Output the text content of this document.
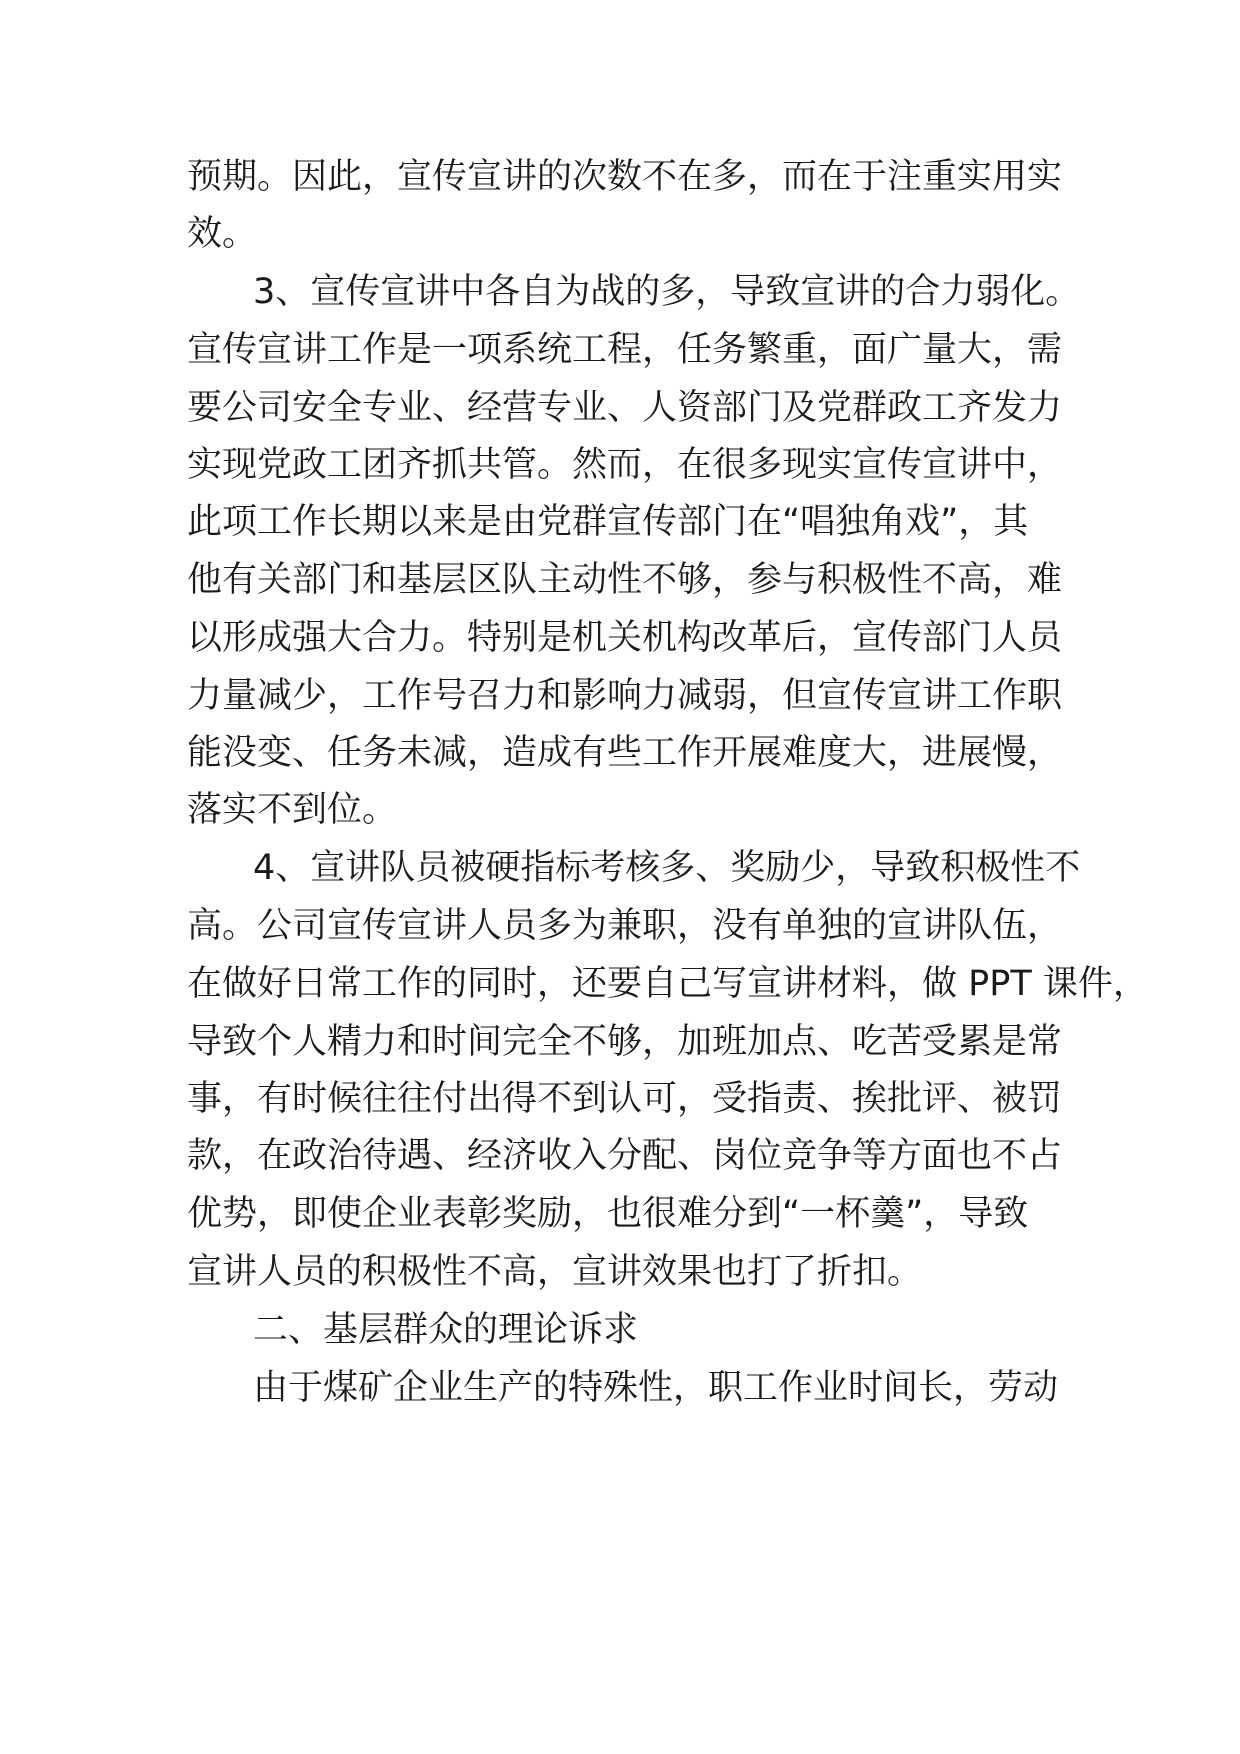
预期。因此，宣传宣讲的次数不在多，而在于注重实用实
效。
3、宣传宣讲中各自为战的多，导致宣讲的合力弱化。
宣传宣讲工作是一项系统工程，任务繁重，面广量大，需
要公司安全专业、经营专业、人资部门及党群政工齐发力
实现党政工团齐抓共管。然而，在很多现实宣传宣讲中，
此项工作长期以来是由党群宣传部门在“唱独角戏”，其
他有关部门和基层区队主动性不够，参与积极性不高，难
以形成强大合力。特别是机关机构改革后，宣传部门人员
力量减少，工作号召力和影响力减弱，但宣传宣讲工作职
能没变、任务未减，造成有些工作开展难度大，进展慢，
落实不到位。
4、宣讲队员被硬指标考核多、奖励少，导致积极性不
高。公司宣传宣讲人员多为兼职，没有单独的宣讲队伍，
在做好日常工作的同时，还要自己写宣讲材料，做 PPT 课件，
导致个人精力和时间完全不够，加班加点、吃苦受累是常
事，有时候往往付出得不到认可，受指责、挨批评、被罚
款，在政治待遇、经济收入分配、岗位竞争等方面也不占
优势，即使企业表彰奖励，也很难分到“一杯羹”，导致
宣讲人员的积极性不高，宣讲效果也打了折扣。
二、基层群众的理论诉求
由于煤矿企业生产的特殊性，职工作业时间长，劳动
